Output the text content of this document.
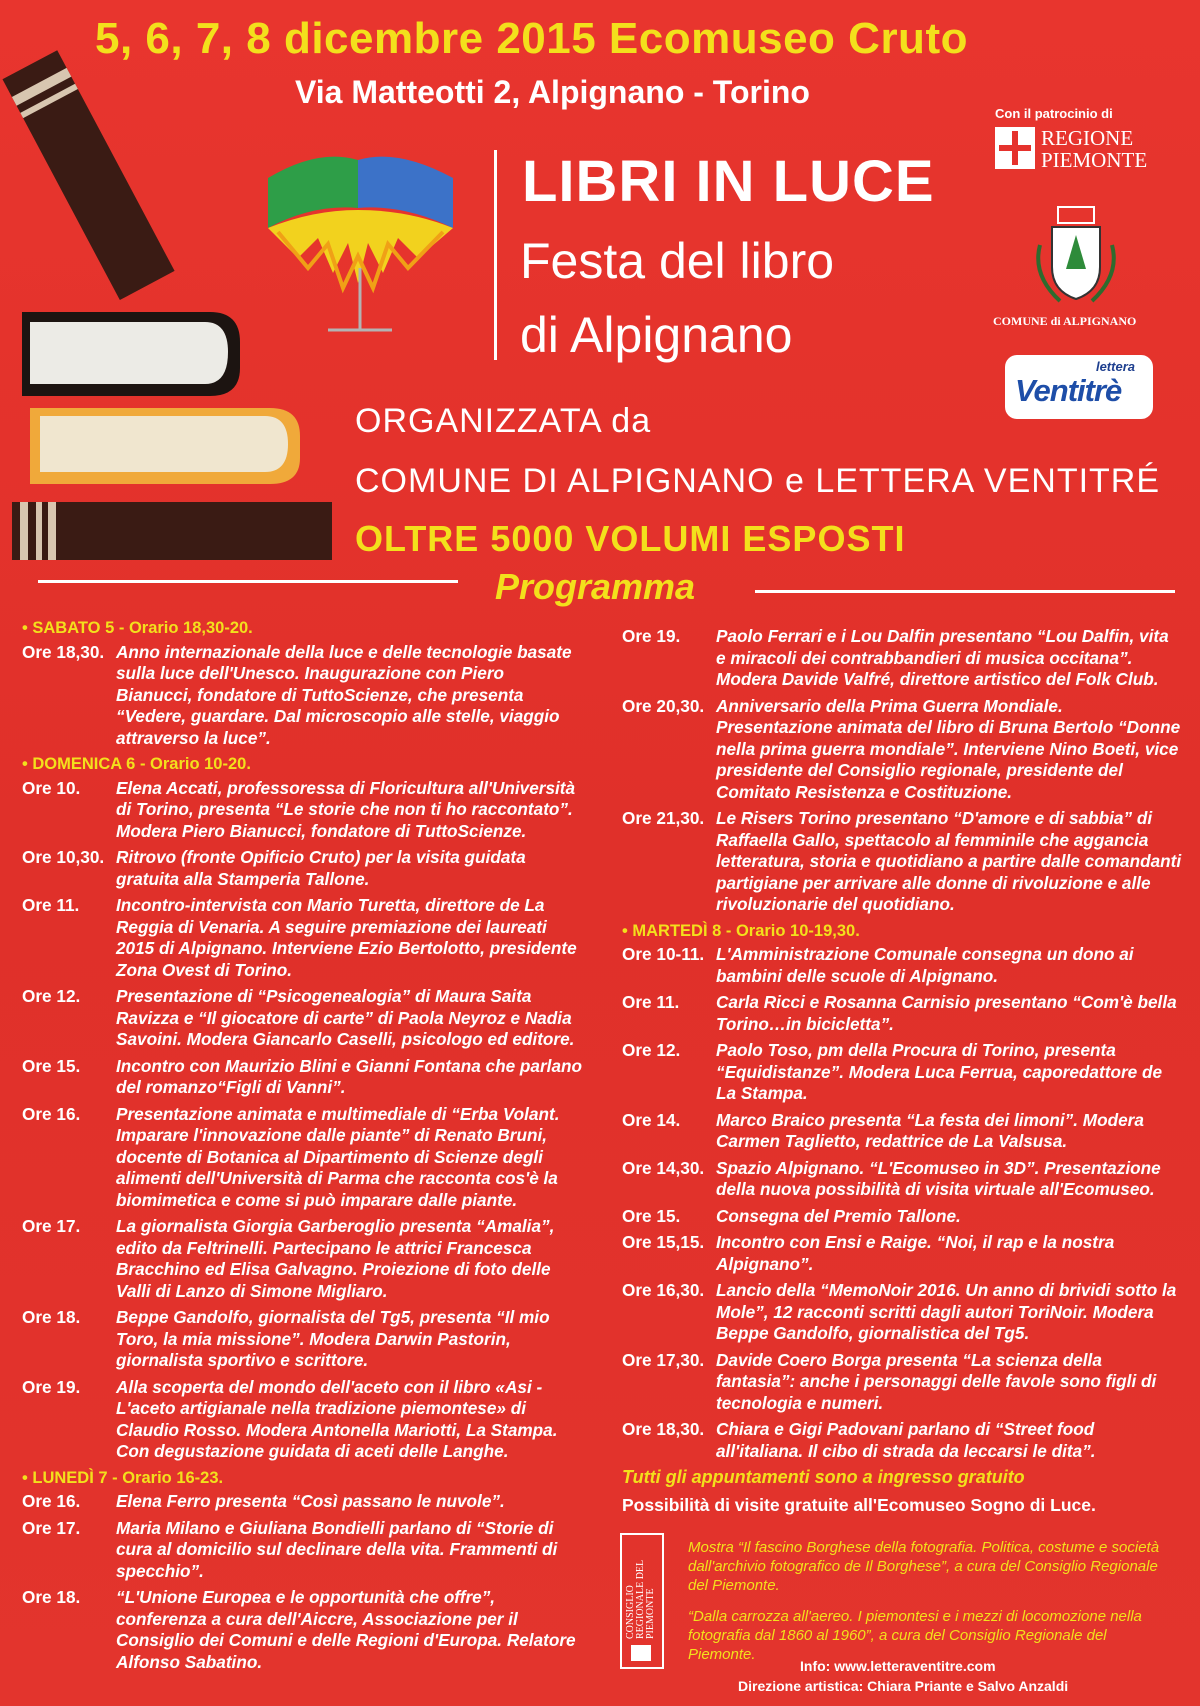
5, 6, 7, 8 dicembre 2015 Ecomuseo Cruto
Via Matteotti 2, Alpignano - Torino
LIBRI IN LUCE
Festa del libro
di Alpignano
Con il patrocinio di
REGIONE
PIEMONTE
COMUNE di ALPIGNANO
lettera
Ventitrè
ORGANIZZATA da
COMUNE DI ALPIGNANO e LETTERA VENTITRÉ
OLTRE 5000 VOLUMI ESPOSTI
Programma
• SABATO 5 - Orario 18,30-20.
Ore 18,30. Anno internazionale della luce e delle tecnologie basate sulla luce dell'Unesco. Inaugurazione con Piero Bianucci, fondatore di TuttoScienze, che presenta “Vedere, guardare. Dal microscopio alle stelle, viaggio attraverso la luce”.
• DOMENICA 6 - Orario 10-20.
Ore 10.	Elena Accati, professoressa di Floricultura all'Università di Torino, presenta “Le storie che non ti ho raccontato”. Modera Piero Bianucci, fondatore di TuttoScienze.
Ore 10,30. Ritrovo (fronte Opificio Cruto) per la visita guidata gratuita alla Stamperia Tallone.
Ore 11.	Incontro-intervista con Mario Turetta, direttore de La Reggia di Venaria. A seguire premiazione dei laureati 2015 di Alpignano. Interviene Ezio Bertolotto, presidente Zona Ovest di Torino.
Ore 12.	Presentazione di “Psicogenealogia” di Maura Saita Ravizza e “Il giocatore di carte” di Paola Neyroz e Nadia Savoini. Modera Giancarlo Caselli, psicologo ed editore.
Ore 15.	Incontro con Maurizio Blini e Gianni Fontana che parlano del romanzo“Figli di Vanni”.
Ore 16.	Presentazione animata e multimediale di “Erba Volant. Imparare l'innovazione dalle piante” di Renato Bruni, docente di Botanica al Dipartimento di Scienze degli alimenti dell'Università di Parma che racconta cos'è la biomimetica e come si può imparare dalle piante.
Ore 17.	La giornalista Giorgia Garberoglio presenta “Amalia”, edito da Feltrinelli. Partecipano le attrici Francesca Bracchino ed Elisa Galvagno. Proiezione di foto delle Valli di Lanzo di Simone Migliaro.
Ore 18.	Beppe Gandolfo, giornalista del Tg5, presenta “Il mio Toro, la mia missione”. Modera Darwin Pastorin, giornalista sportivo e scrittore.
Ore 19.	Alla scoperta del mondo dell'aceto con il libro «Asi - L'aceto artigianale nella tradizione piemontese» di Claudio Rosso. Modera Antonella Mariotti, La Stampa. Con degustazione guidata di aceti delle Langhe.
• LUNEDÌ 7 - Orario 16-23.
Ore 16.	Elena Ferro presenta “Così passano le nuvole”.
Ore 17.	Maria Milano e Giuliana Bondielli parlano di “Storie di cura al domicilio sul declinare della vita. Frammenti di specchio”.
Ore 18.	“L'Unione Europea e le opportunità che offre”, conferenza a cura dell'Aiccre, Associazione per il Consiglio dei Comuni e delle Regioni d'Europa. Relatore Alfonso Sabatino.
Ore 19.	Paolo Ferrari e i Lou Dalfin presentano “Lou Dalfin, vita e miracoli dei contrabbandieri di musica occitana”. Modera Davide Valfré, direttore artistico del Folk Club.
Ore 20,30. Anniversario della Prima Guerra Mondiale. Presentazione animata del libro di Bruna Bertolo “Donne nella prima guerra mondiale”. Interviene Nino Boeti, vice presidente del Consiglio regionale, presidente del Comitato Resistenza e Costituzione.
Ore 21,30. Le Risers Torino presentano “D'amore e di sabbia” di Raffaella Gallo, spettacolo al femminile che aggancia letteratura, storia e quotidiano a partire dalle comandanti partigiane per arrivare alle donne di rivoluzione e alle rivoluzionarie del quotidiano.
• MARTEDÌ 8 - Orario 10-19,30.
Ore 10-11. L'Amministrazione Comunale consegna un dono ai bambini delle scuole di Alpignano.
Ore 11.	Carla Ricci e Rosanna Carnisio presentano “Com'è bella Torino…in bicicletta”.
Ore 12.	Paolo Toso, pm della Procura di Torino, presenta “Equidistanze”. Modera Luca Ferrua, caporedattore de La Stampa.
Ore 14.	Marco Braico presenta “La festa dei limoni”. Modera Carmen Taglietto, redattrice de La Valsusa.
Ore 14,30. Spazio Alpignano. “L'Ecomuseo in 3D”. Presentazione della nuova possibilità di visita virtuale all'Ecomuseo.
Ore 15.	Consegna del Premio Tallone.
Ore 15,15. Incontro con Ensi e Raige. “Noi, il rap e la nostra Alpignano”.
Ore 16,30. Lancio della “MemoNoir 2016. Un anno di brividi sotto la Mole”, 12 racconti scritti dagli autori ToriNoir. Modera Beppe Gandolfo, giornalistica del Tg5.
Ore 17,30. Davide Coero Borga presenta “La scienza della fantasia”: anche i personaggi delle favole sono figli di tecnologia e numeri.
Ore 18,30. Chiara e Gigi Padovani parlano di “Street food all'italiana. Il cibo di strada da leccarsi le dita”.
Tutti gli appuntamenti sono a ingresso gratuito
Possibilità di visite gratuite all'Ecomuseo Sogno di Luce.
CONSIGLIO REGIONALE DEL PIEMONTE

Mostra “Il fascino Borghese della fotografia. Politica, costume e società dall'archivio fotografico de Il Borghese”, a cura del Consiglio Regionale del Piemonte.

“Dalla carrozza all'aereo. I piemontesi e i mezzi di locomozione nella fotografia dal 1860 al 1960”, a cura del Consiglio Regionale del Piemonte.

Info: www.letteraventitre.com
Direzione artistica: Chiara Priante e Salvo Anzaldi
